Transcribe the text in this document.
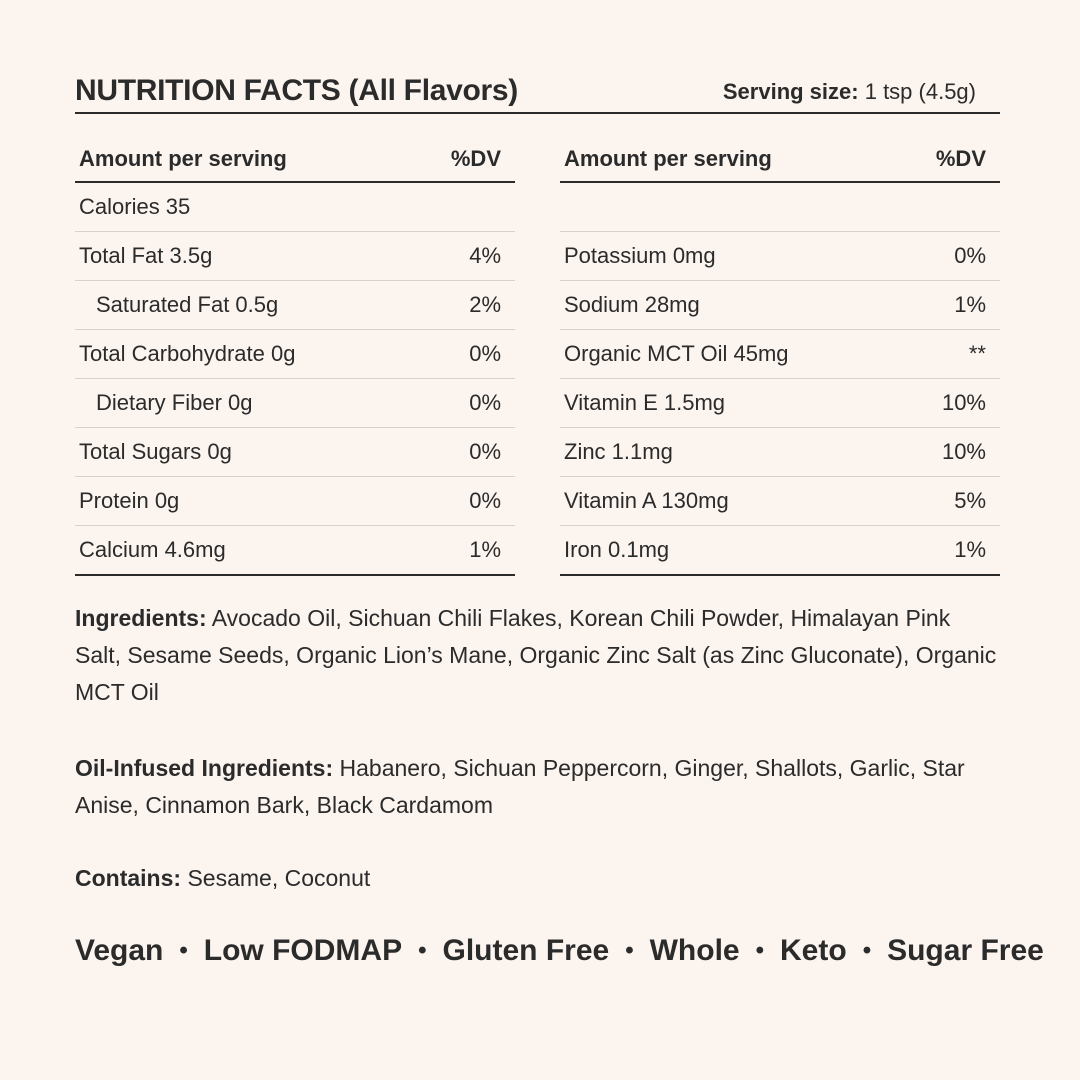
NUTRITION FACTS (All Flavors)	Serving size: 1 tsp (4.5g)
Amount per serving	%DV
Calories 35
Total Fat 3.5g	4%
Saturated Fat 0.5g	2%
Total Carbohydrate 0g	0%
Dietary Fiber 0g	0%
Total Sugars 0g	0%
Protein 0g	0%
Calcium 4.6mg	1%
Amount per serving	%DV
Potassium 0mg	0%
Sodium 28mg	1%
Organic MCT Oil 45mg	**
Vitamin E 1.5mg	10%
Zinc 1.1mg	10%
Vitamin A 130mg	5%
Iron 0.1mg	1%

Ingredients: Avocado Oil, Sichuan Chili Flakes, Korean Chili Powder, Himalayan Pink Salt, Sesame Seeds, Organic Lion’s Mane, Organic Zinc Salt (as Zinc Gluconate), Organic MCT Oil

Oil-Infused Ingredients: Habanero, Sichuan Peppercorn, Ginger, Shallots, Garlic, Star Anise, Cinnamon Bark, Black Cardamom

Contains: Sesame, Coconut

Vegan • Low FODMAP • Gluten Free • Whole • Keto • Sugar Free
